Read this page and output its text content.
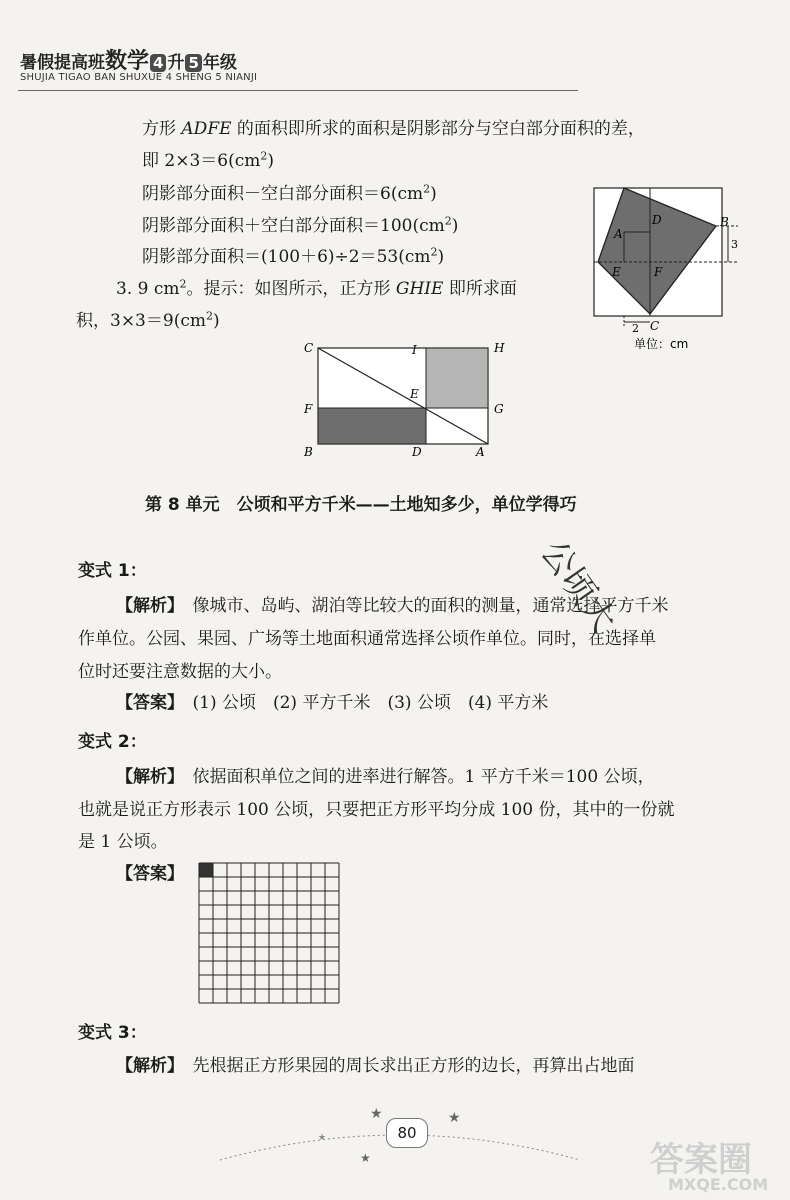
暑假提高班数学 4 升 5 年级
SHUJIA TIGAO BAN SHUXUE 4 SHENG 5 NIANJI
方形 ADFE 的面积即所求的面积是阴影部分与空白部分面积的差，
即 $2\times 3=6(cm^2)$
阴影部分面积－空白部分面积$=6(cm^2)$
阴影部分面积＋空白部分面积$=100(cm^2)$
阴影部分面积$=(100+6)\div 2=53(cm^2)$
3. 9 $cm^2$。提示：如图所示，正方形 GHIE 即所求面
积，$3\times 3=9(cm^2)$
D
A
B
E	F
3
2 C
单位：cm
C	I	H
E
F	G
B	D	A
第 8 单元　公顷和平方千米——土地知多少，单位学得巧
变式 1：
【解析】　 像城市、岛屿、湖泊等比较大的面积的测量，通常选择平方千米
作单位。公园、果园、广场等土地面积通常选择公顷作单位。同时，在选择单
位时还要注意数据的大小。
【答案】　 (1) 公顷　(2) 平方千米　(3) 公顷　(4) 平方米
变式 2：
【解析】　 依据面积单位之间的进率进行解答。1 平方千米＝100 公顷，
也就是说正方形表示 100 公顷，只要把正方形平均分成 100 份，其中的一份就
是 1 公顷。
【答案】
变式 3：
【解析】　 先根据正方形果园的周长求出正方形的边长，再算出占地面
公顷大
★	★
★
★	80
答案圈
MXQE.COM
